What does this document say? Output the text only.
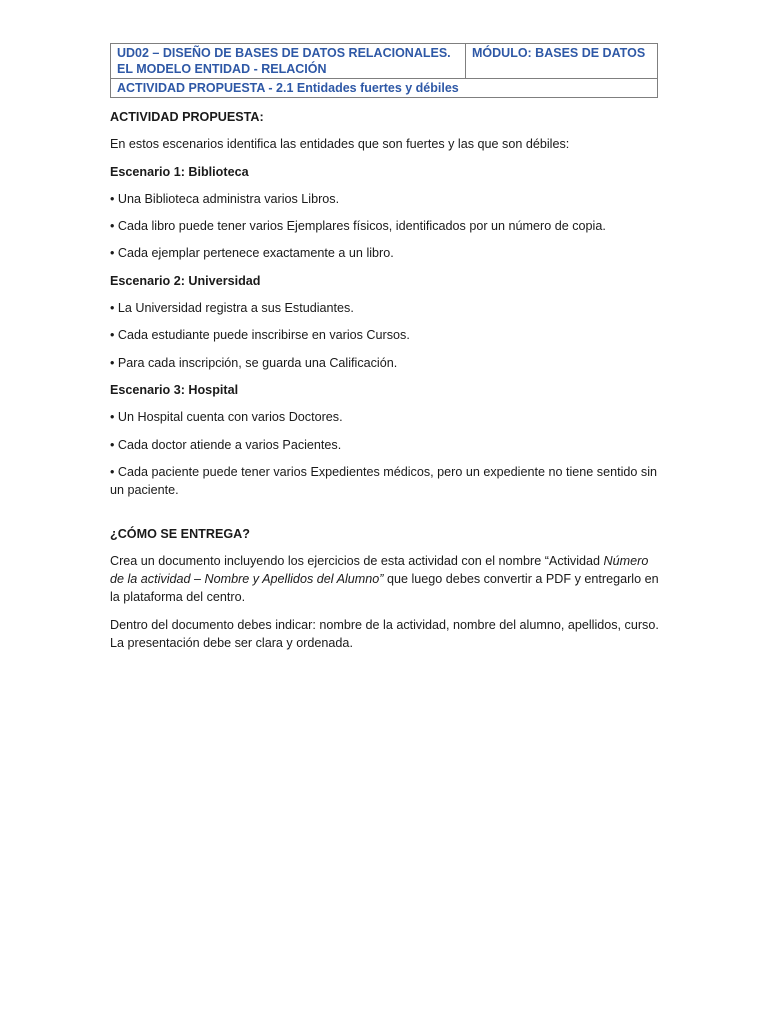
UD02 – DISEÑO DE BASES DE DATOS RELACIONALES. EL MODELO ENTIDAD - RELACIÓN	MÓDULO: BASES DE DATOS
ACTIVIDAD PROPUESTA - 2.1 Entidades fuertes y débiles

ACTIVIDAD PROPUESTA:

En estos escenarios identifica las entidades que son fuertes y las que son débiles:

Escenario 1: Biblioteca

• Una Biblioteca administra varios Libros.

• Cada libro puede tener varios Ejemplares físicos, identificados por un número de copia.

• Cada ejemplar pertenece exactamente a un libro.

Escenario 2: Universidad

• La Universidad registra a sus Estudiantes.

• Cada estudiante puede inscribirse en varios Cursos.

• Para cada inscripción, se guarda una Calificación.

Escenario 3: Hospital

• Un Hospital cuenta con varios Doctores.

• Cada doctor atiende a varios Pacientes.

• Cada paciente puede tener varios Expedientes médicos, pero un expediente no tiene sentido sin un paciente.

¿CÓMO SE ENTREGA?

Crea un documento incluyendo los ejercicios de esta actividad con el nombre “Actividad Número de la actividad – Nombre y Apellidos del Alumno” que luego debes convertir a PDF y entregarlo en la plataforma del centro.

Dentro del documento debes indicar: nombre de la actividad, nombre del alumno, apellidos, curso. La presentación debe ser clara y ordenada.
